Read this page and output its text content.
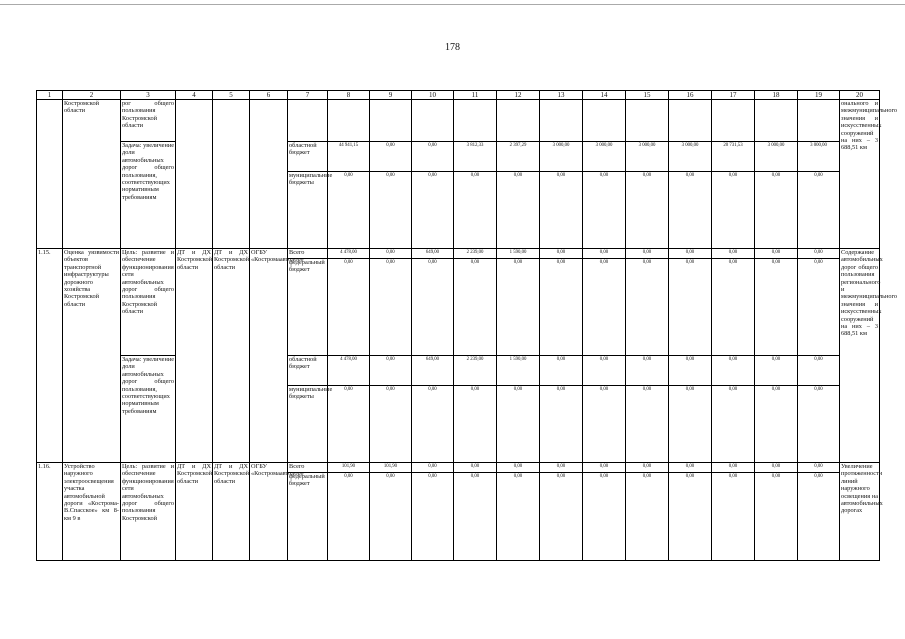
178
1	2	3	4	5	6	7	8	9	10	11	12	13	14	15	16	17	18	19	20
	Костромской области	рог общего пользования Костромской области																	онального и межмуниципального значения и искусственных сооружений на них – 3 688,51 км
		Задача: увеличение доли автомобильных дорог общего пользования, соответствующих нормативным требованиям				областной бюджет	44 941,15	0,00	0,00	3 812,33	2 397,29	3 000,00	3 000,00	3 000,00	3 000,00	20 731,53	3 000,00	3 000,00	
						муниципальные бюджеты	0,00	0,00	0,00	0,00	0,00	0,00	0,00	0,00	0,00	0,00	0,00	0,00	
1.15.	Оценка уязвимости объектов транспортной инфраструктуры дорожного хозяйства Костромской области	Цель: развитие и обеспечение функционирования сети автомобильных дорог общего пользования Костромской области	ДТ и ДХ Костромской области	ДТ и ДХ Костромской области	ОГБУ «Костромаавтодор»	Всего	4 478,00	0,00	649,00	2 239,00	1 590,00	0,00	0,00	0,00	0,00	0,00	0,00	0,00	Содержание автомобильных дорог общего пользования регионального и межмуниципального значения и искусственных сооружений на них – 3 688,51 км
						федеральный бюджет	0,00	0,00	0,00	0,00	0,00	0,00	0,00	0,00	0,00	0,00	0,00	0,00	
		Задача: увеличение доли автомобильных дорог общего пользования, соответствующих нормативным требованиям				областной бюджет	4 478,00	0,00	649,00	2 239,00	1 590,00	0,00	0,00	0,00	0,00	0,00	0,00	0,00	
						муниципальные бюджеты	0,00	0,00	0,00	0,00	0,00	0,00	0,00	0,00	0,00	0,00	0,00	0,00	
1.16.	Устройство наружного электроосвещения участка автомобильной дороги «Кострома-В.Спасское» км 8-км 9 в	Цель: развитие и обеспечение функционирования сети автомобильных дорог общего пользования Костромской	ДТ и ДХ Костромской области	ДТ и ДХ Костромской области	ОГБУ «Костромаавтодор»	Всего	101,90	101,90	0,00	0,00	0,00	0,00	0,00	0,00	0,00	0,00	0,00	0,00	Увеличение протяженности линий наружного освещения на автомобильных дорогах
						федеральный бюджет	0,00	0,00	0,00	0,00	0,00	0,00	0,00	0,00	0,00	0,00	0,00	0,00	
